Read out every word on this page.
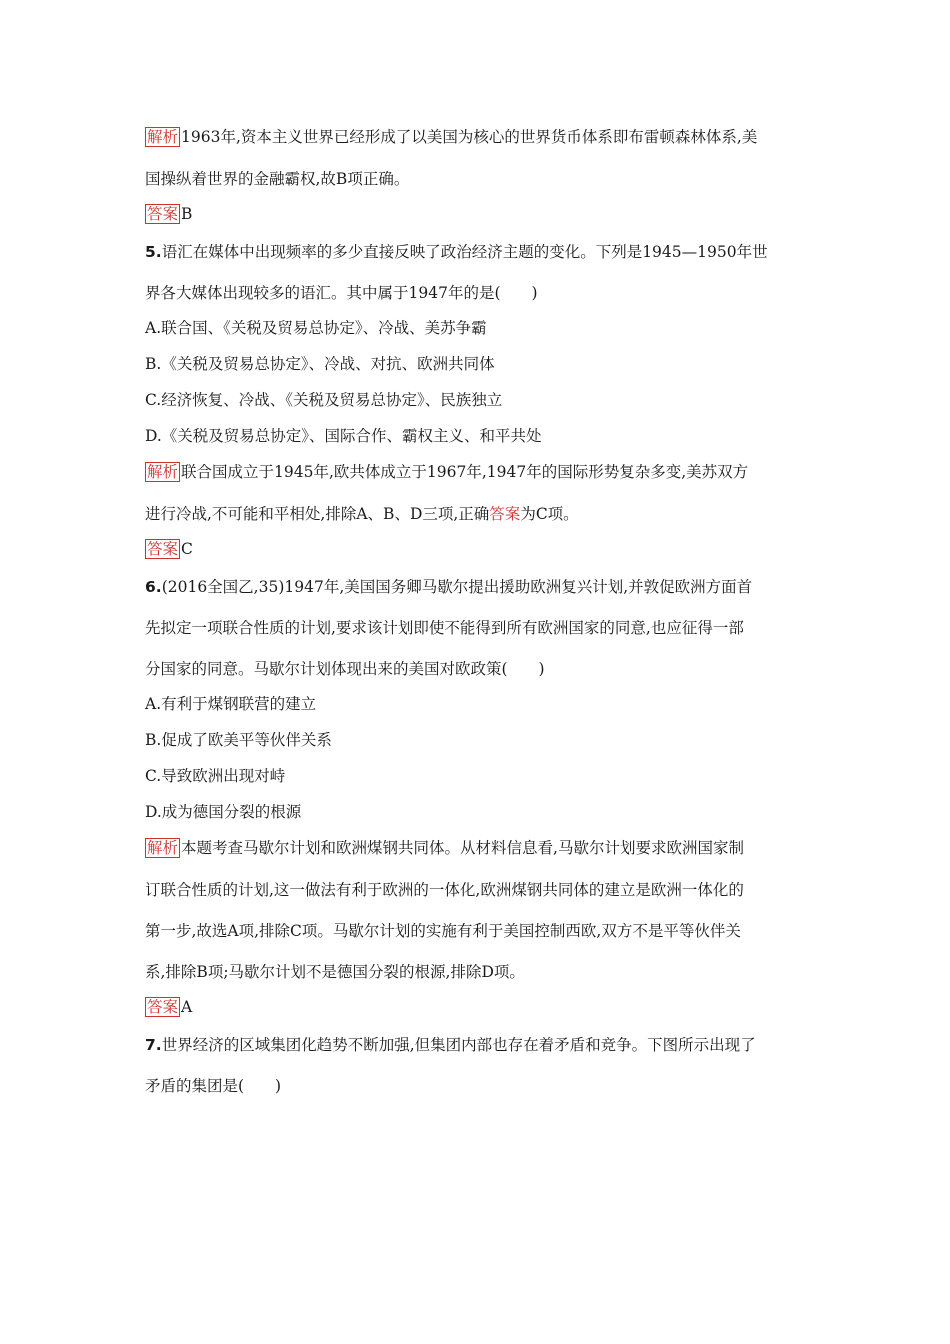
解析 1963年,资本主义世界已经形成了以美国为核心的世界货币体系即布雷顿森林体系,美
国操纵着世界的金融霸权,故B项正确。
答案 B
5.语汇在媒体中出现频率的多少直接反映了政治经济主题的变化。下列是1945—1950年世
界各大媒体出现较多的语汇。其中属于1947年的是(　　)
A.联合国、《关税及贸易总协定》、冷战、美苏争霸
B.《关税及贸易总协定》、冷战、对抗、欧洲共同体
C.经济恢复、冷战、《关税及贸易总协定》、民族独立
D.《关税及贸易总协定》、国际合作、霸权主义、和平共处
解析 联合国成立于1945年,欧共体成立于1967年,1947年的国际形势复杂多变,美苏双方
进行冷战,不可能和平相处,排除A、B、D三项,正确答案为C项。
答案 C
6.(2016全国乙,35)1947年,美国国务卿马歇尔提出援助欧洲复兴计划,并敦促欧洲方面首
先拟定一项联合性质的计划,要求该计划即使不能得到所有欧洲国家的同意,也应征得一部
分国家的同意。马歇尔计划体现出来的美国对欧政策(　　)
A.有利于煤钢联营的建立
B.促成了欧美平等伙伴关系
C.导致欧洲出现对峙
D.成为德国分裂的根源
解析 本题考查马歇尔计划和欧洲煤钢共同体。从材料信息看,马歇尔计划要求欧洲国家制
订联合性质的计划,这一做法有利于欧洲的一体化,欧洲煤钢共同体的建立是欧洲一体化的
第一步,故选A项,排除C项。马歇尔计划的实施有利于美国控制西欧,双方不是平等伙伴关
系,排除B项;马歇尔计划不是德国分裂的根源,排除D项。
答案 A
7.世界经济的区域集团化趋势不断加强,但集团内部也存在着矛盾和竞争。下图所示出现了
矛盾的集团是(　　)
